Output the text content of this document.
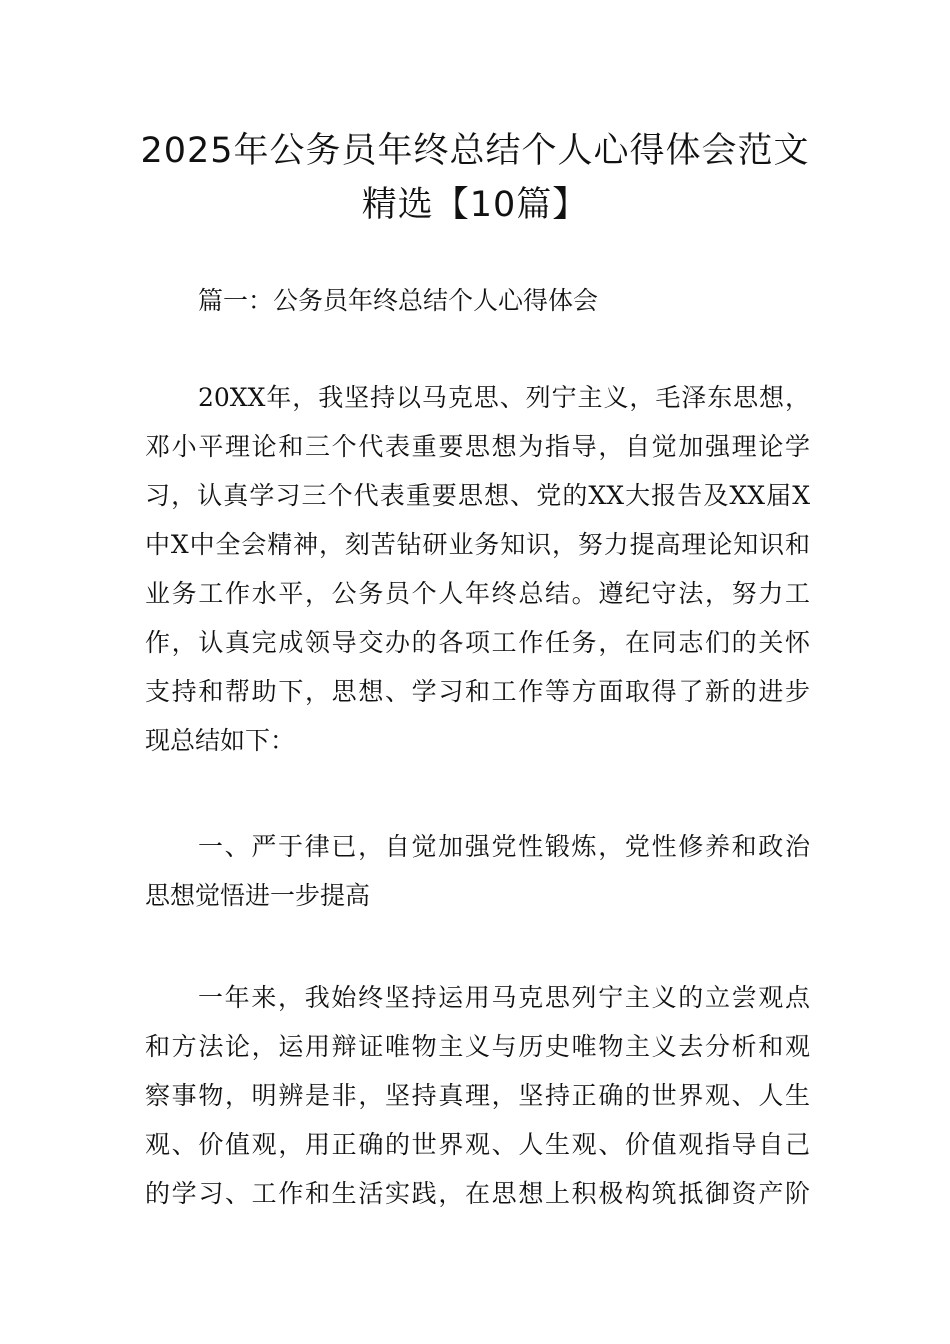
2025年公务员年终总结个人心得体会范文
精选【10篇】
篇一：公务员年终总结个人心得体会
20XX年，我坚持以马克思、列宁主义，毛泽东思想，
邓小平理论和三个代表重要思想为指导，自觉加强理论学
习，认真学习三个代表重要思想、党的XX大报告及XX届X
中X中全会精神，刻苦钻研业务知识，努力提高理论知识和
业务工作水平，公务员个人年终总结。遵纪守法，努力工
作，认真完成领导交办的各项工作任务，在同志们的关怀
支持和帮助下，思想、学习和工作等方面取得了新的进步
现总结如下：
一、严于律已，自觉加强党性锻炼，党性修养和政治
思想觉悟进一步提高
一年来，我始终坚持运用马克思列宁主义的立尝观点
和方法论，运用辩证唯物主义与历史唯物主义去分析和观
察事物，明辨是非，坚持真理，坚持正确的世界观、人生
观、价值观，用正确的世界观、人生观、价值观指导自己
的学习、工作和生活实践，在思想上积极构筑抵御资产阶
